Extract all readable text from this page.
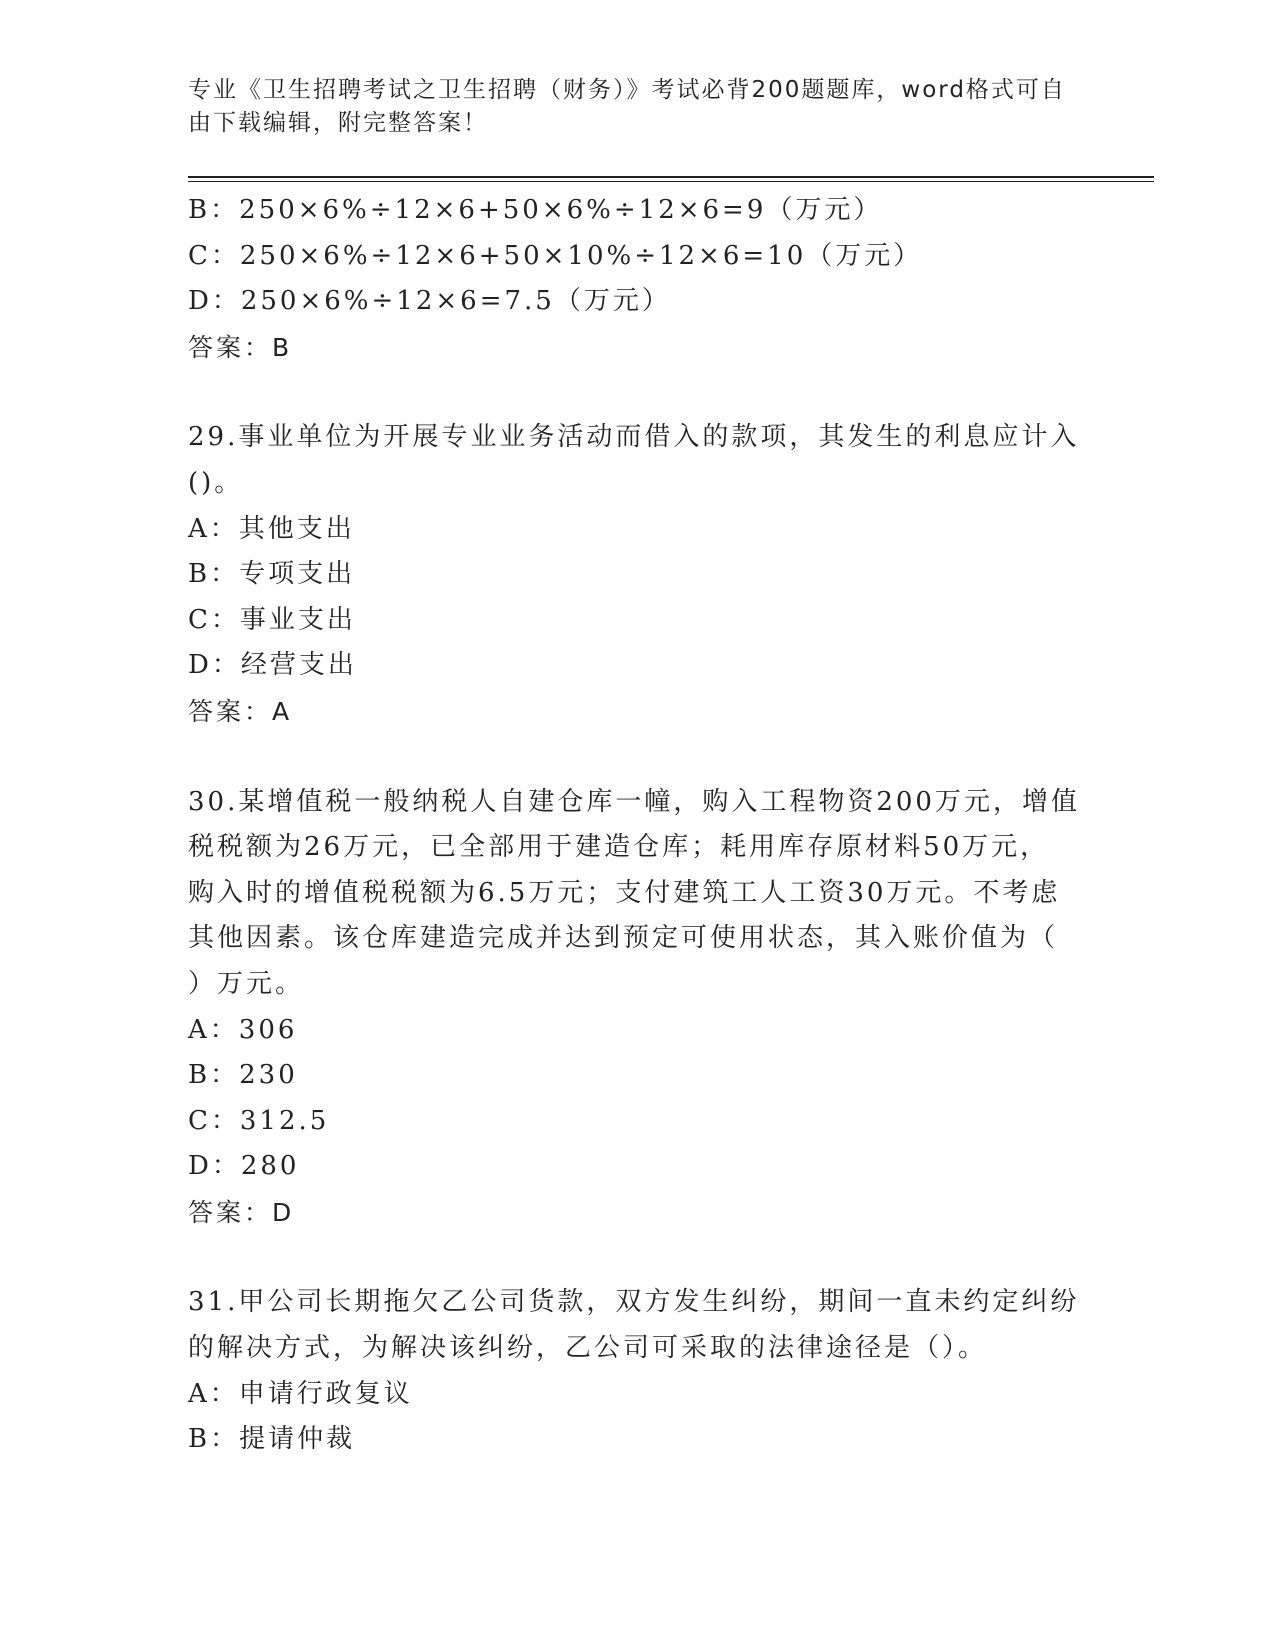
专业《卫生招聘考试之卫生招聘（财务）》考试必背200题题库，word格式可自由下载编辑，附完整答案！
B：250×6%÷12×6+50×6%÷12×6=9（万元）
C：250×6%÷12×6+50×10%÷12×6=10（万元）
D：250×6%÷12×6=7.5（万元）
答案：B
29.事业单位为开展专业业务活动而借入的款项，其发生的利息应计入
()。
A：其他支出
B：专项支出
C：事业支出
D：经营支出
答案：A
30.某增值税一般纳税人自建仓库一幢，购入工程物资200万元，增值
税税额为26万元，已全部用于建造仓库；耗用库存原材料50万元，
购入时的增值税税额为6.5万元；支付建筑工人工资30万元。不考虑
其他因素。该仓库建造完成并达到预定可使用状态，其入账价值为（
）万元。
A：306
B：230
C：312.5
D：280
答案：D
31.甲公司长期拖欠乙公司货款，双方发生纠纷，期间一直未约定纠纷
的解决方式，为解决该纠纷，乙公司可采取的法律途径是（）。
A：申请行政复议
B：提请仲裁
